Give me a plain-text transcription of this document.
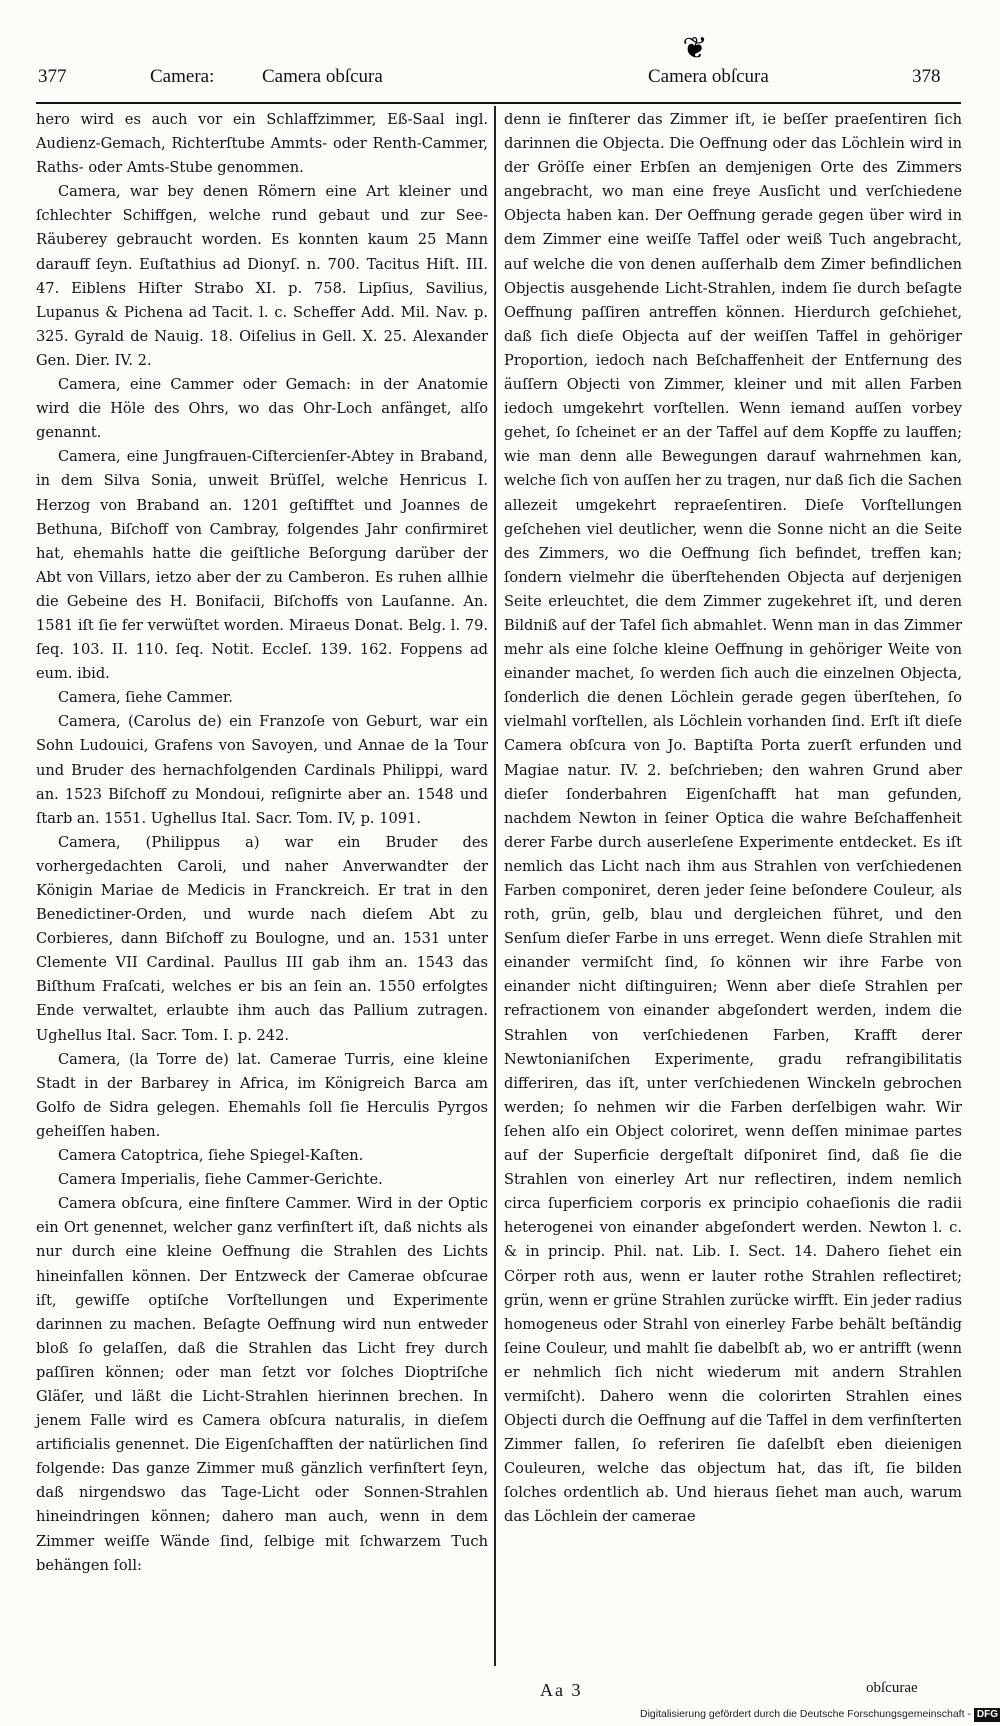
❦
377	Camera:	Camera obſcura	Camera obſcura	378

hero wird es auch vor ein Schlaffzimmer, Eß-Saal ingl. Audienz-Gemach, Richterſtube Ammts- oder Renth-Cammer, Raths- oder Amts-Stube genommen.

Camera, war bey denen Römern eine Art kleiner und ſchlechter Schiffgen, welche rund gebaut und zur See-Räuberey gebraucht worden. Es konnten kaum 25 Mann darauff ſeyn. Euſtathius ad Dionyſ. n. 700. Tacitus Hiſt. III. 47. Eiblens Hiſter Strabo XI. p. 758. Lipſius, Savilius, Lupanus & Pichena ad Tacit. l. c. Scheffer Add. Mil. Nav. p. 325. Gyrald de Nauig. 18. Oiſelius in Gell. X. 25. Alexander Gen. Dier. IV. 2.

Camera, eine Cammer oder Gemach: in der Anatomie wird die Höle des Ohrs, wo das Ohr-Loch anfänget, alſo genannt.

Camera, eine Jungfrauen-Ciſtercienſer-Abtey in Braband, in dem Silva Sonia, unweit Brüſſel, welche Henricus I. Herzog von Braband an. 1201 geſtifftet und Joannes de Bethuna, Biſchoff von Cambray, folgendes Jahr confirmiret hat, ehemahls hatte die geiſtliche Beſorgung darüber der Abt von Villars, ietzo aber der zu Camberon. Es ruhen allhie die Gebeine des H. Bonifacii, Biſchoffs von Lauſanne. An. 1581 iſt ſie fer verwüſtet worden. Miraeus Donat. Belg. l. 79. ſeq. 103. II. 110. ſeq. Notit. Eccleſ. 139. 162. Foppens ad eum. ibid.

Camera, ſiehe Cammer.

Camera, (Carolus de) ein Franzoſe von Geburt, war ein Sohn Ludouici, Grafens von Savoyen, und Annae de la Tour und Bruder des hernachfolgenden Cardinals Philippi, ward an. 1523 Biſchoff zu Mondoui, reſignirte aber an. 1548 und ſtarb an. 1551. Ughellus Ital. Sacr. Tom. IV, p. 1091.

Camera, (Philippus a) war ein Bruder des vorhergedachten Caroli, und naher Anverwandter der Königin Mariae de Medicis in Franckreich. Er trat in den Benedictiner-Orden, und wurde nach dieſem Abt zu Corbieres, dann Biſchoff zu Boulogne, und an. 1531 unter Clemente VII Cardinal. Paullus III gab ihm an. 1543 das Biſthum Fraſcati, welches er bis an ſein an. 1550 erfolgtes Ende verwaltet, erlaubte ihm auch das Pallium zutragen. Ughellus Ital. Sacr. Tom. I. p. 242.

Camera, (la Torre de) lat. Camerae Turris, eine kleine Stadt in der Barbarey in Africa, im Königreich Barca am Golfo de Sidra gelegen. Ehemahls ſoll ſie Herculis Pyrgos geheiſſen haben.

Camera Catoptrica, ſiehe Spiegel-Kaſten.

Camera Imperialis, ſiehe Cammer-Gerichte.

Camera obſcura, eine finſtere Cammer. Wird in der Optic ein Ort genennet, welcher ganz verfinſtert iſt, daß nichts als nur durch eine kleine Oeffnung die Strahlen des Lichts hineinfallen können. Der Entzweck der Camerae obſcurae iſt, gewiſſe optiſche Vorſtellungen und Experimente darinnen zu machen. Beſagte Oeffnung wird nun entweder bloß ſo gelaſſen, daß die Strahlen das Licht frey durch paſſiren können; oder man ſetzt vor ſolches Dioptriſche Gläſer, und läßt die Licht-Strahlen hierinnen brechen. In jenem Falle wird es Camera obſcura naturalis, in dieſem artificialis genennet. Die Eigenſchafften der natürlichen ſind folgende: Das ganze Zimmer muß gänzlich verfinſtert ſeyn, daß nirgendswo das Tage-Licht oder Sonnen-Strahlen hineindringen können; dahero man auch, wenn in dem Zimmer weiſſe Wände ſind, ſelbige mit ſchwarzem Tuch behängen ſoll:

denn ie finſterer das Zimmer iſt, ie beſſer praeſentiren ſich darinnen die Objecta. Die Oeffnung oder das Löchlein wird in der Gröſſe einer Erbſen an demjenigen Orte des Zimmers angebracht, wo man eine freye Ausſicht und verſchiedene Objecta haben kan. Der Oeffnung gerade gegen über wird in dem Zimmer eine weiſſe Taffel oder weiß Tuch angebracht, auf welche die von denen auſſerhalb dem Zimer befindlichen Objectis ausgehende Licht-Strahlen, indem ſie durch beſagte Oeffnung paſſiren antreffen können. Hierdurch geſchiehet, daß ſich dieſe Objecta auf der weiſſen Taffel in gehöriger Proportion, iedoch nach Beſchaffenheit der Entfernung des äuſſern Objecti von Zimmer, kleiner und mit allen Farben iedoch umgekehrt vorſtellen. Wenn iemand auſſen vorbey gehet, ſo ſcheinet er an der Taffel auf dem Kopffe zu lauffen; wie man denn alle Bewegungen darauf wahrnehmen kan, welche ſich von auſſen her zu tragen, nur daß ſich die Sachen allezeit umgekehrt repraeſentiren. Dieſe Vorſtellungen geſchehen viel deutlicher, wenn die Sonne nicht an die Seite des Zimmers, wo die Oeffnung ſich befindet, treffen kan; ſondern vielmehr die überſtehenden Objecta auf derjenigen Seite erleuchtet, die dem Zimmer zugekehret iſt, und deren Bildniß auf der Tafel ſich abmahlet. Wenn man in das Zimmer mehr als eine ſolche kleine Oeffnung in gehöriger Weite von einander machet, ſo werden ſich auch die einzelnen Objecta, ſonderlich die denen Löchlein gerade gegen überſtehen, ſo vielmahl vorſtellen, als Löchlein vorhanden ſind. Erſt iſt dieſe Camera obſcura von Jo. Baptiſta Porta zuerſt erfunden und Magiae natur. IV. 2. beſchrieben; den wahren Grund aber dieſer ſonderbahren Eigenſchafft hat man gefunden, nachdem Newton in ſeiner Optica die wahre Beſchaffenheit derer Farbe durch auserleſene Experimente entdecket. Es iſt nemlich das Licht nach ihm aus Strahlen von verſchiedenen Farben componiret, deren jeder ſeine beſondere Couleur, als roth, grün, gelb, blau und dergleichen führet, und den Senſum dieſer Farbe in uns erreget. Wenn dieſe Strahlen mit einander vermiſcht ſind, ſo können wir ihre Farbe von einander nicht diſtinguiren; Wenn aber dieſe Strahlen per refractionem von einander abgeſondert werden, indem die Strahlen von verſchiedenen Farben, Krafft derer Newtonianiſchen Experimente, gradu refrangibilitatis differiren, das iſt, unter verſchiedenen Winckeln gebrochen werden; ſo nehmen wir die Farben derſelbigen wahr. Wir ſehen alſo ein Object coloriret, wenn deſſen minimae partes auf der Superficie dergeſtalt diſponiret ſind, daß ſie die Strahlen von einerley Art nur reflectiren, indem nemlich circa ſuperficiem corporis ex principio cohaeſionis die radii heterogenei von einander abgeſondert werden. Newton l. c. & in princip. Phil. nat. Lib. I. Sect. 14. Dahero ſiehet ein Cörper roth aus, wenn er lauter rothe Strahlen reflectiret; grün, wenn er grüne Strahlen zurücke wirfft. Ein jeder radius homogeneus oder Strahl von einerley Farbe behält beſtändig ſeine Couleur, und mahlt ſie dabelbſt ab, wo er antrifft (wenn er nehmlich ſich nicht wiederum mit andern Strahlen vermiſcht). Dahero wenn die colorirten Strahlen eines Objecti durch die Oeffnung auf die Taffel in dem verfinſterten Zimmer fallen, ſo referiren ſie daſelbſt eben dieienigen Couleuren, welche das objectum hat, das iſt, ſie bilden ſolches ordentlich ab. Und hieraus ſiehet man auch, warum das Löchlein der camerae

Aa 3	obſcurae
Digitalisierung gefördert durch die Deutsche Forschungsgemeinschaft - DFG
